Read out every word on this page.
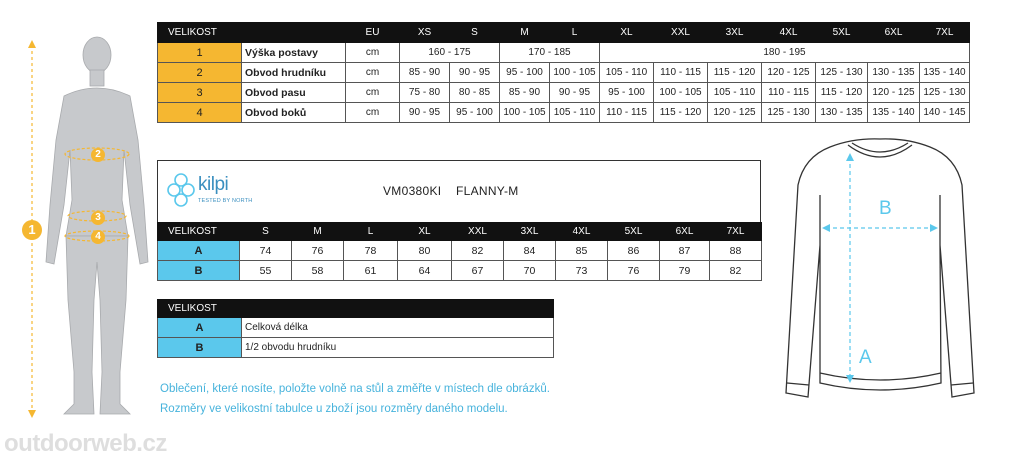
1
2
3
4
VELIKOST		EU	XS	S	M	L	XL	XXL	3XL	4XL	5XL	6XL	7XL
1	Výška postavy	cm	160 - 175		170 - 185		180 - 195						
2	Obvod hrudníku	cm	85 - 90	90 - 95	95 - 100	100 - 105	105 - 110	110 - 115	115 - 120	120 - 125	125 - 130	130 - 135	135 - 140
3	Obvod pasu	cm	75 - 80	80 - 85	85 - 90	90 - 95	95 - 100	100 - 105	105 - 110	110 - 115	115 - 120	120 - 125	125 - 130
4	Obvod boků	cm	90 - 95	95 - 100	100 - 105	105 - 110	110 - 115	115 - 120	120 - 125	125 - 130	130 - 135	135 - 140	140 - 145
kilpi
TESTED BY NORTH
VM0380KI    FLANNY-M
VELIKOST	S	M	L	XL	XXL	3XL	4XL	5XL	6XL	7XL
A	74	76	78	80	82	84	85	86	87	88
B	55	58	61	64	67	70	73	76	79	82
VELIKOST	
A	Celková délka
B	1/2 obvodu hrudníku
Oblečení, které nosíte, položte volně na stůl a změřte v místech dle obrázků.
Rozměry ve velikostní tabulce u zboží jsou rozměry daného modelu.
B
A
outdoorweb.cz
